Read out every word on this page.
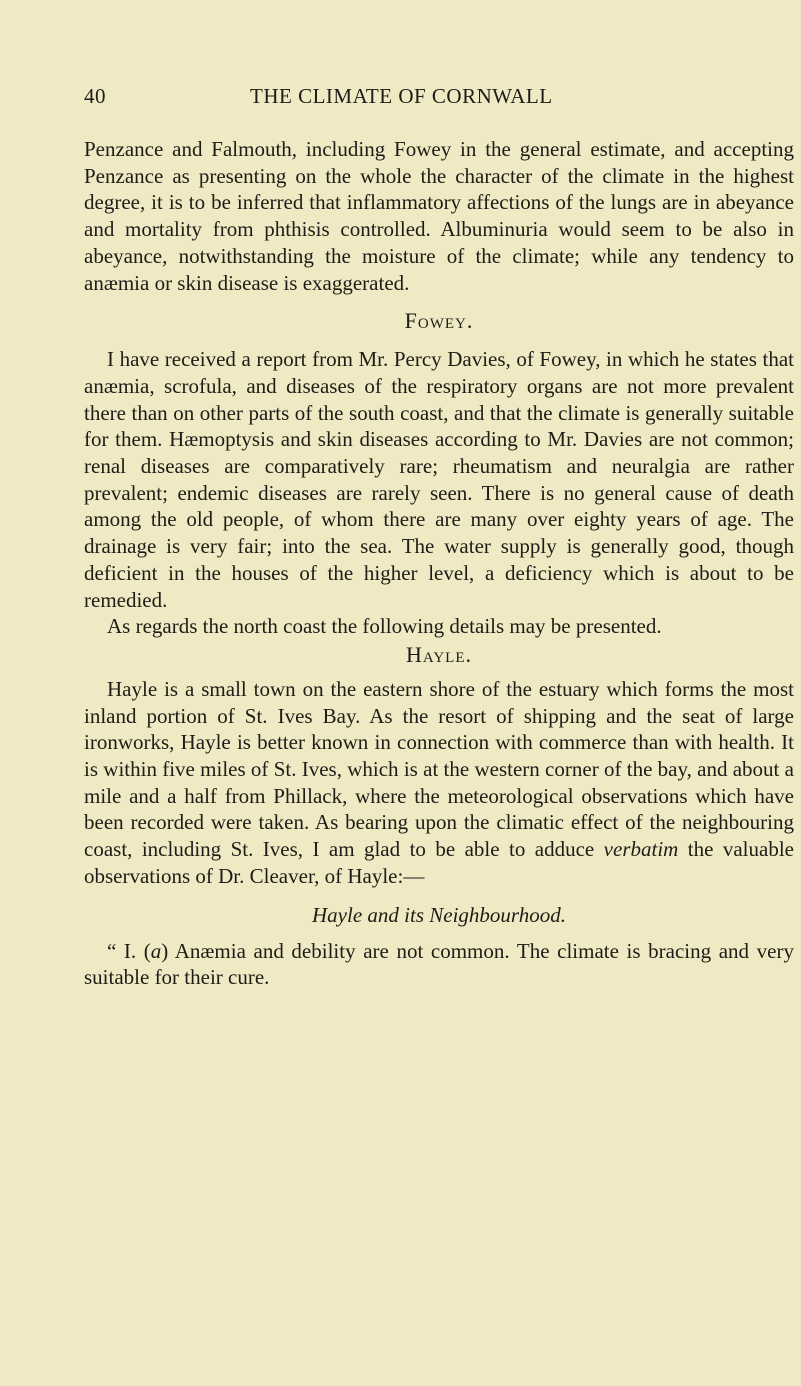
40	THE CLIMATE OF CORNWALL

Penzance and Falmouth, including Fowey in the general estimate, and accepting Penzance as presenting on the whole the character of the climate in the highest degree, it is to be inferred that inflammatory affections of the lungs are in abeyance and mortality from phthisis controlled. Albuminuria would seem to be also in abeyance, notwithstanding the moisture of the climate; while any tendency to anæmia or skin disease is exaggerated.

Fowey.

I have received a report from Mr. Percy Davies, of Fowey, in which he states that anæmia, scrofula, and diseases of the respiratory organs are not more prevalent there than on other parts of the south coast, and that the climate is generally suitable for them. Hæmoptysis and skin diseases according to Mr. Davies are not common; renal diseases are comparatively rare; rheumatism and neuralgia are rather prevalent; endemic diseases are rarely seen. There is no general cause of death among the old people, of whom there are many over eighty years of age. The drainage is very fair; into the sea. The water supply is generally good, though deficient in the houses of the higher level, a deficiency which is about to be remedied.

As regards the north coast the following details may be presented.

Hayle.

Hayle is a small town on the eastern shore of the estuary which forms the most inland portion of St. Ives Bay. As the resort of shipping and the seat of large ironworks, Hayle is better known in connection with commerce than with health. It is within five miles of St. Ives, which is at the western corner of the bay, and about a mile and a half from Phillack, where the meteorological observations which have been recorded were taken. As bearing upon the climatic effect of the neighbouring coast, including St. Ives, I am glad to be able to adduce verbatim the valuable observations of Dr. Cleaver, of Hayle:—

Hayle and its Neighbourhood.

“ I. (a) Anæmia and debility are not common. The climate is bracing and very suitable for their cure.
